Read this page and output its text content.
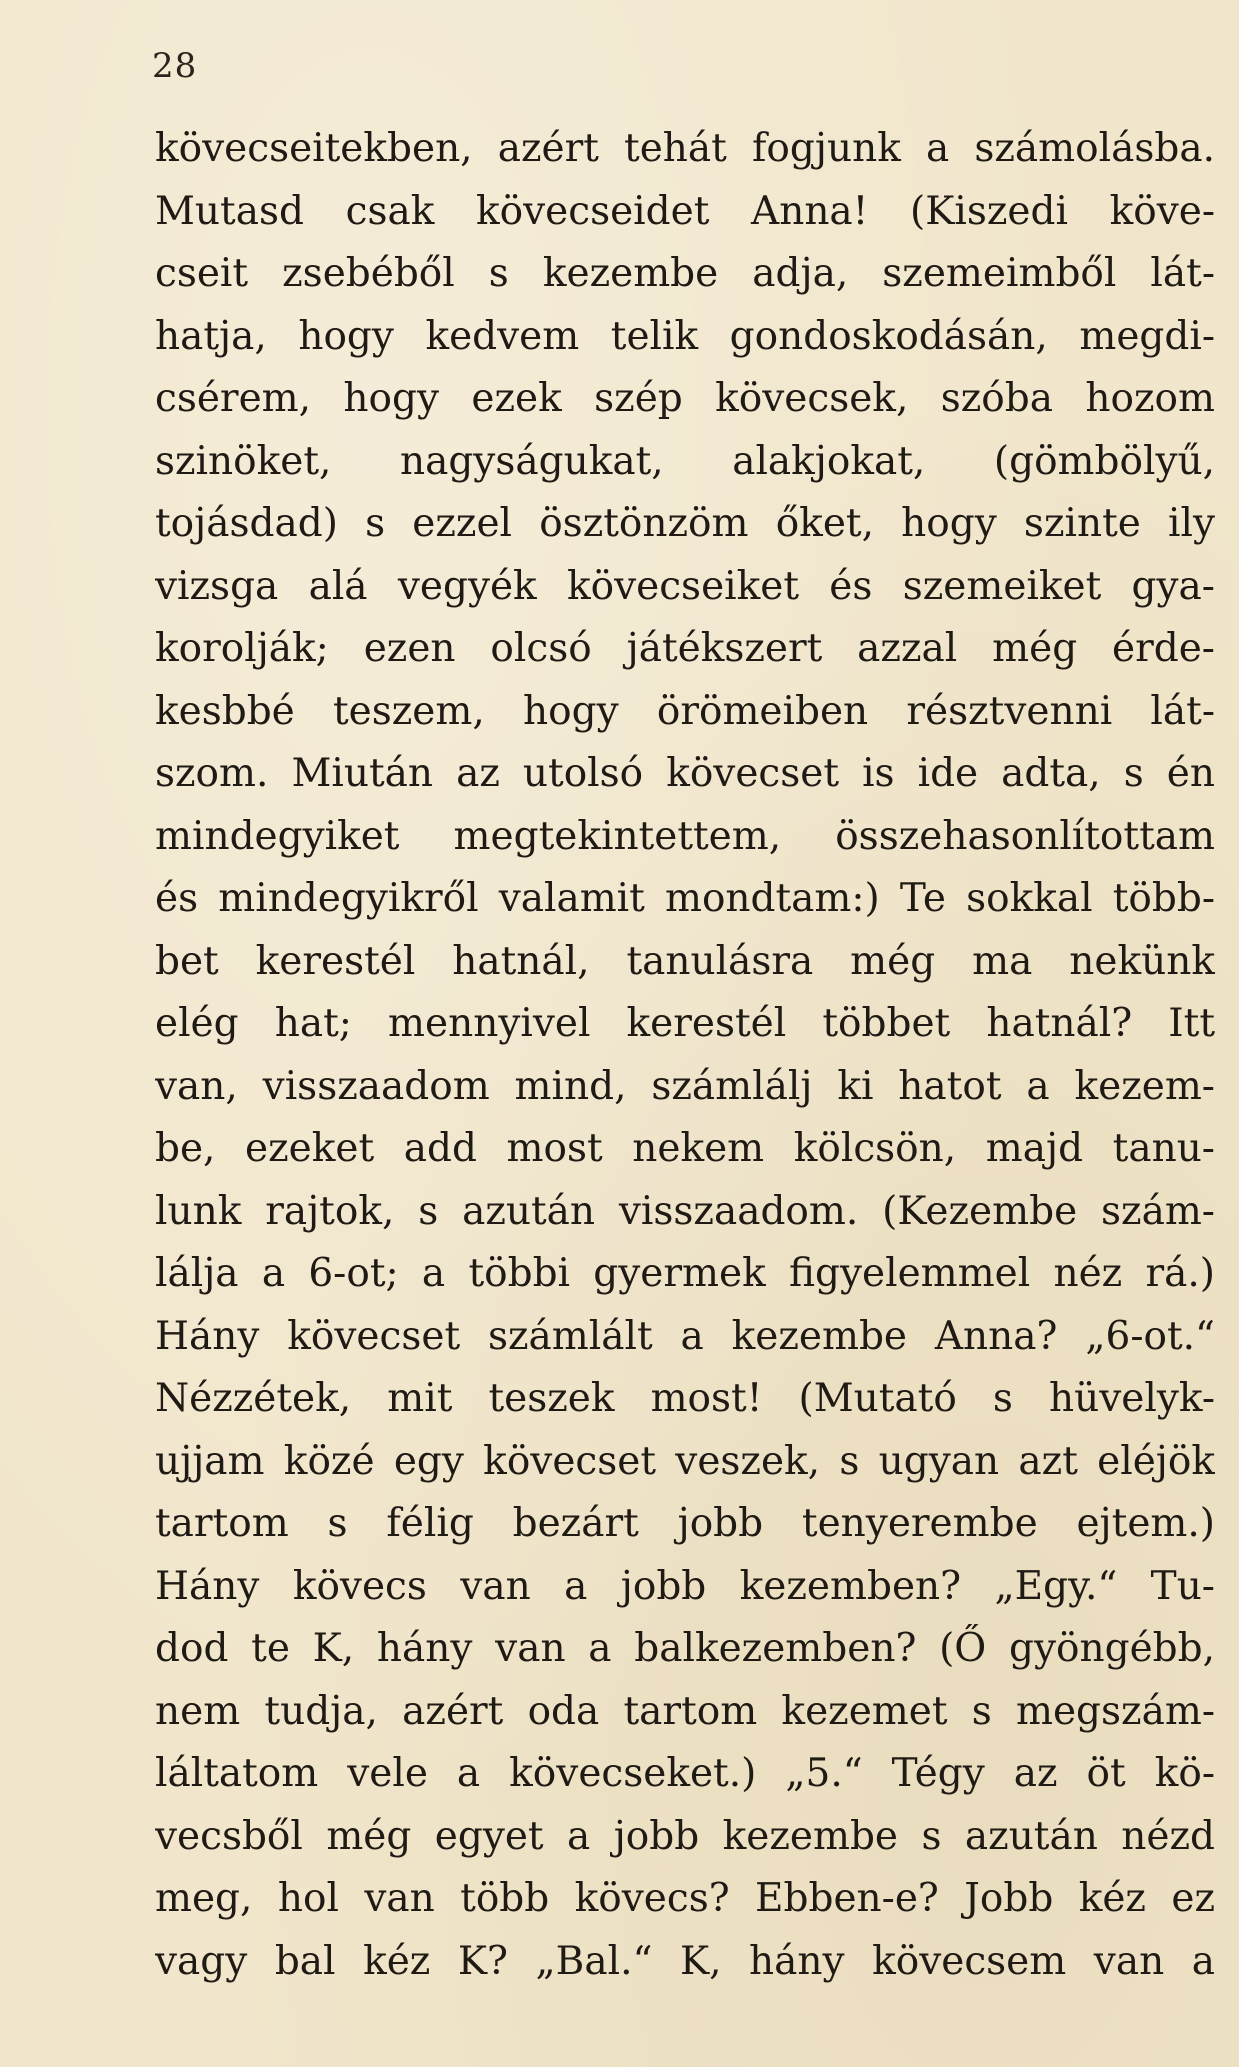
28
kövecseitekben, azért tehát fogjunk a számolásba.
Mutasd csak kövecseidet Anna! (Kiszedi köve-
cseit zsebéből s kezembe adja, szemeimből lát-
hatja, hogy kedvem telik gondoskodásán, megdi-
csérem, hogy ezek szép kövecsek, szóba hozom
szinöket, nagyságukat, alakjokat, (gömbölyű,
tojásdad) s ezzel ösztönzöm őket, hogy szinte ily
vizsga alá vegyék kövecseiket és szemeiket gya-
korolják; ezen olcsó játékszert azzal még érde-
kesbbé teszem, hogy örömeiben résztvenni lát-
szom. Miután az utolsó kövecset is ide adta, s én
mindegyiket megtekintettem, összehasonlítottam
és mindegyikről valamit mondtam:) Te sokkal több-
bet kerestél hatnál, tanulásra még ma nekünk
elég hat; mennyivel kerestél többet hatnál? Itt
van, visszaadom mind, számlálj ki hatot a kezem-
be, ezeket add most nekem kölcsön, majd tanu-
lunk rajtok, s azután visszaadom. (Kezembe szám-
lálja a 6-ot; a többi gyermek figyelemmel néz rá.)
Hány kövecset számlált a kezembe Anna? „6-ot.“
Nézzétek, mit teszek most! (Mutató s hüvelyk-
ujjam közé egy kövecset veszek, s ugyan azt eléjök
tartom s félig bezárt jobb tenyerembe ejtem.)
Hány kövecs van a jobb kezemben? „Egy.“ Tu-
dod te K, hány van a balkezemben? (Ő gyöngébb,
nem tudja, azért oda tartom kezemet s megszám-
láltatom vele a kövecseket.) „5.“ Tégy az öt kö-
vecsből még egyet a jobb kezembe s azután nézd
meg, hol van több kövecs? Ebben-e? Jobb kéz ez
vagy bal kéz K? „Bal.“ K, hány kövecsem van a
